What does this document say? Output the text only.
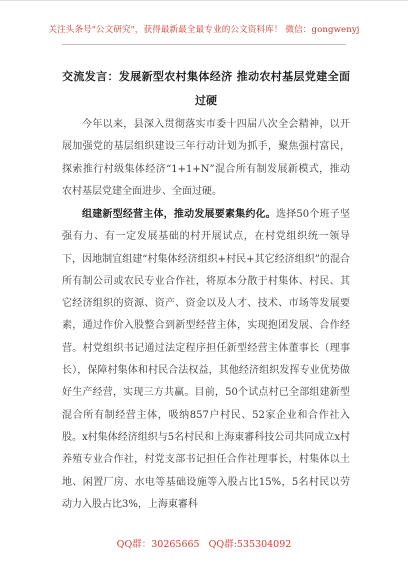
关注头条号"公文研究"，获得最新最全最专业的公文资料库！ 微信：gongwenyj
交流发言：发展新型农村集体经济 推动农村基层党建全面过硬

今年以来，县深入贯彻落实市委十四届八次全会精神，以开展加强党的基层组织建设三年行动计划为抓手，聚焦强村富民，探索推行村级集体经济“1+1+N”混合所有制发展新模式，推动农村基层党建全面进步、全面过硬。

组建新型经营主体，推动发展要素集约化。选择50个班子坚强有力、有一定发展基础的村开展试点，在村党组织统一领导下，因地制宜组建“村集体经济组织+村民+其它经济组织”的混合所有制公司或农民专业合作社，将原本分散于村集体、村民、其它经济组织的资源、资产、资金以及人才、技术、市场等发展要素，通过作价入股整合到新型经营主体，实现抱团发展、合作经营。村党组织书记通过法定程序担任新型经营主体董事长（理事长），保障村集体和村民合法权益，其他经济组织发挥专业优势做好生产经营，实现三方共赢。目前，50个试点村已全部组建新型混合所有制经营主体，吸纳857户村民、52家企业和合作社入股。x村集体经济组织与5名村民和上海東審科技公司共同成立x村养殖专业合作社，村党支部书记担任合作社理事长，村集体以土地、闲置厂房、水电等基础设施等入股占比15%，5名村民以劳动力入股占比3%，上海東審科

QQ群：30265665 QQ群:535304092
